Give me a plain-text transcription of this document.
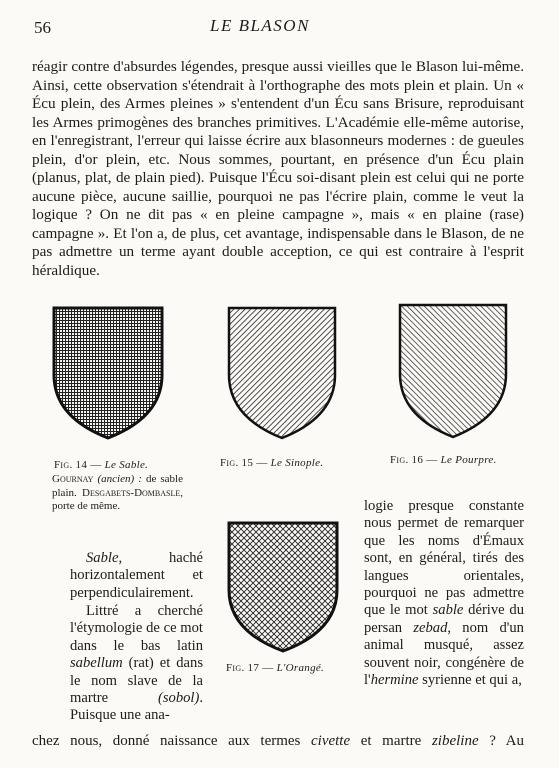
56	LE BLASON

réagir contre d'absurdes légendes, presque aussi vieilles que le Blason lui-même. Ainsi, cette observation s'étendrait à l'orthographe des mots plein et plain. Un « Écu plein, des Armes pleines » s'entendent d'un Écu sans Brisure, reproduisant les Armes primogènes des branches primitives. L'Académie elle-même autorise, en l'enregistrant, l'erreur qui laisse écrire aux blasonneurs modernes : de gueules plein, d'or plein, etc. Nous sommes, pourtant, en présence d'un Écu plain (planus, plat, de plain pied). Puisque l'Écu soi-disant plein est celui qui ne porte aucune pièce, aucune saillie, pourquoi ne pas l'écrire plain, comme le veut la logique ? On ne dit pas « en pleine campagne », mais « en plaine (rase) campagne ». Et l'on a, de plus, cet avantage, indispensable dans le Blason, de ne pas admettre un terme ayant double acception, ce qui est contraire à l'esprit héraldique.

Fig. 14 — Le Sable.	Fig. 15 — Le Sinople.	Fig. 16 — Le Pourpre.
Fig. 17 — L'Orangé.
Gournay (ancien) : de sable plain. Desgabets-Dombasle, porte de même.

Sable, haché horizontalement et perpendiculairement.

Littré a cherché l'étymologie de ce mot dans le bas latin sabellum (rat) et dans le nom slave de la martre (sobol). Puisque une ana-

logie presque constante nous permet de remarquer que les noms d'Émaux sont, en général, tirés des langues orientales, pourquoi ne pas admettre que le mot sable dérive du persan zebad, nom d'un animal musqué, assez souvent noir, congénère de l'hermine syrienne et qui a,

chez nous, donné naissance aux termes civette et martre zibeline ? Au
